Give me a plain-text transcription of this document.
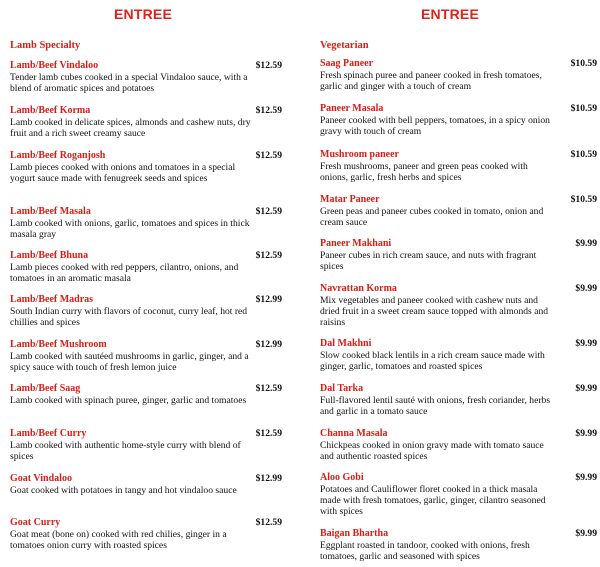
ENTREE
Lamb Specialty
Lamb/Beef Vindaloo
Tender lamb cubes cooked in a special Vindaloo sauce, with a blend of aromatic spices and potatoes
$12.59
Lamb/Beef Korma
Lamb cooked in delicate spices, almonds and cashew nuts, dry fruit and a rich sweet creamy sauce
$12.59
Lamb/Beef Roganjosh
Lamb pieces cooked with onions and tomatoes in a special yogurt sauce made with fenugreek seeds and spices
$12.59
Lamb/Beef Masala
Lamb cooked with onions, garlic, tomatoes and spices in thick masala gray
$12.59
Lamb/Beef Bhuna
Lamb pieces cooked with red peppers, cilantro, onions, and tomatoes in an aromatic masala
$12.59
Lamb/Beef Madras
South Indian curry with flavors of coconut, curry leaf, hot red chillies and spices
$12.99
Lamb/Beef Mushroom
Lamb cooked with sautéed mushrooms in garlic, ginger, and a spicy sauce with touch of fresh lemon juice
$12.99
Lamb/Beef Saag
Lamb cooked with spinach puree, ginger, garlic and tomatoes
$12.59
Lamb/Beef Curry
Lamb cooked with authentic home-style curry with blend of spices
$12.59
Goat Vindaloo
Goat cooked with potatoes in tangy and hot vindaloo sauce
$12.99
Goat Curry
Goat meat (bone on) cooked with red chilies, ginger in a tomatoes onion curry with roasted spices
$12.59
ENTREE
Vegetarian
Saag Paneer
Fresh spinach puree and paneer cooked in fresh tomatoes, garlic and ginger with a touch of cream
$10.59
Paneer Masala
Paneer cooked with bell peppers, tomatoes, in a spicy onion gravy with touch of cream
$10.59
Mushroom paneer
Fresh mushrooms, paneer and green peas cooked with onions, garlic, fresh herbs and spices
$10.59
Matar Paneer
Green peas and paneer cubes cooked in tomato, onion and cream sauce
$10.59
Paneer Makhani
Paneer cubes in rich cream sauce, and nuts with fragrant spices
$9.99
Navrattan Korma
Mix vegetables and paneer cooked with cashew nuts and dried fruit in a sweet cream sauce topped with almonds and raisins
$9.99
Dal Makhni
Slow cooked black lentils in a rich cream sauce made with ginger, garlic, tomatoes and roasted spices
$9.99
Dal Tarka
Full-flavored lentil sauté with onions, fresh coriander, herbs and garlic in a tomato sauce
$9.99
Channa Masala
Chickpeas cooked in onion gravy made with tomato sauce and authentic roasted spices
$9.99
Aloo Gobi
Potatoes and Cauliflower floret cooked in a thick masala made with fresh tomatoes, garlic, ginger, cilantro seasoned with spices
$9.99
Baigan Bhartha
Eggplant roasted in tandoor, cooked with onions, fresh tomatoes, garlic and seasoned with spices
$9.99
